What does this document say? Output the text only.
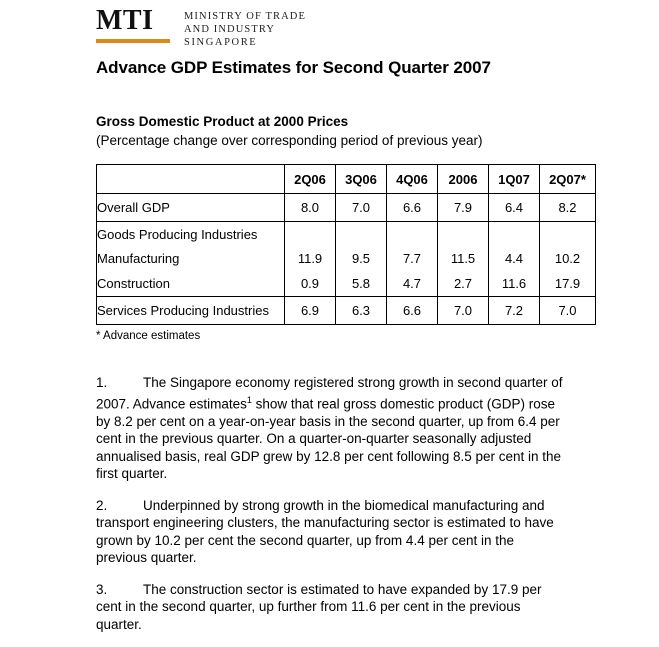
MTI	MINISTRY OF TRADE
AND INDUSTRY
SINGAPORE
Advance GDP Estimates for Second Quarter 2007
Gross Domestic Product at 2000 Prices
(Percentage change over corresponding period of previous year)
	2Q06	3Q06	4Q06	2006	1Q07	2Q07*
Overall GDP	8.0	7.0	6.6	7.9	6.4	8.2
Goods Producing Industries						
Manufacturing	11.9	9.5	7.7	11.5	4.4	10.2
Construction	0.9	5.8	4.7	2.7	11.6	17.9
Services Producing Industries	6.9	6.3	6.6	7.0	7.2	7.0
* Advance estimates
1.	The Singapore economy registered strong growth in second quarter of 2007. Advance estimates$^1$ show that real gross domestic product (GDP) rose by 8.2 per cent on a year-on-year basis in the second quarter, up from 6.4 per cent in the previous quarter. On a quarter-on-quarter seasonally adjusted annualised basis, real GDP grew by 12.8 per cent following 8.5 per cent in the first quarter.
2.	Underpinned by strong growth in the biomedical manufacturing and transport engineering clusters, the manufacturing sector is estimated to have grown by 10.2 per cent the second quarter, up from 4.4 per cent in the previous quarter.
3.	The construction sector is estimated to have expanded by 17.9 per cent in the second quarter, up further from 11.6 per cent in the previous quarter.
